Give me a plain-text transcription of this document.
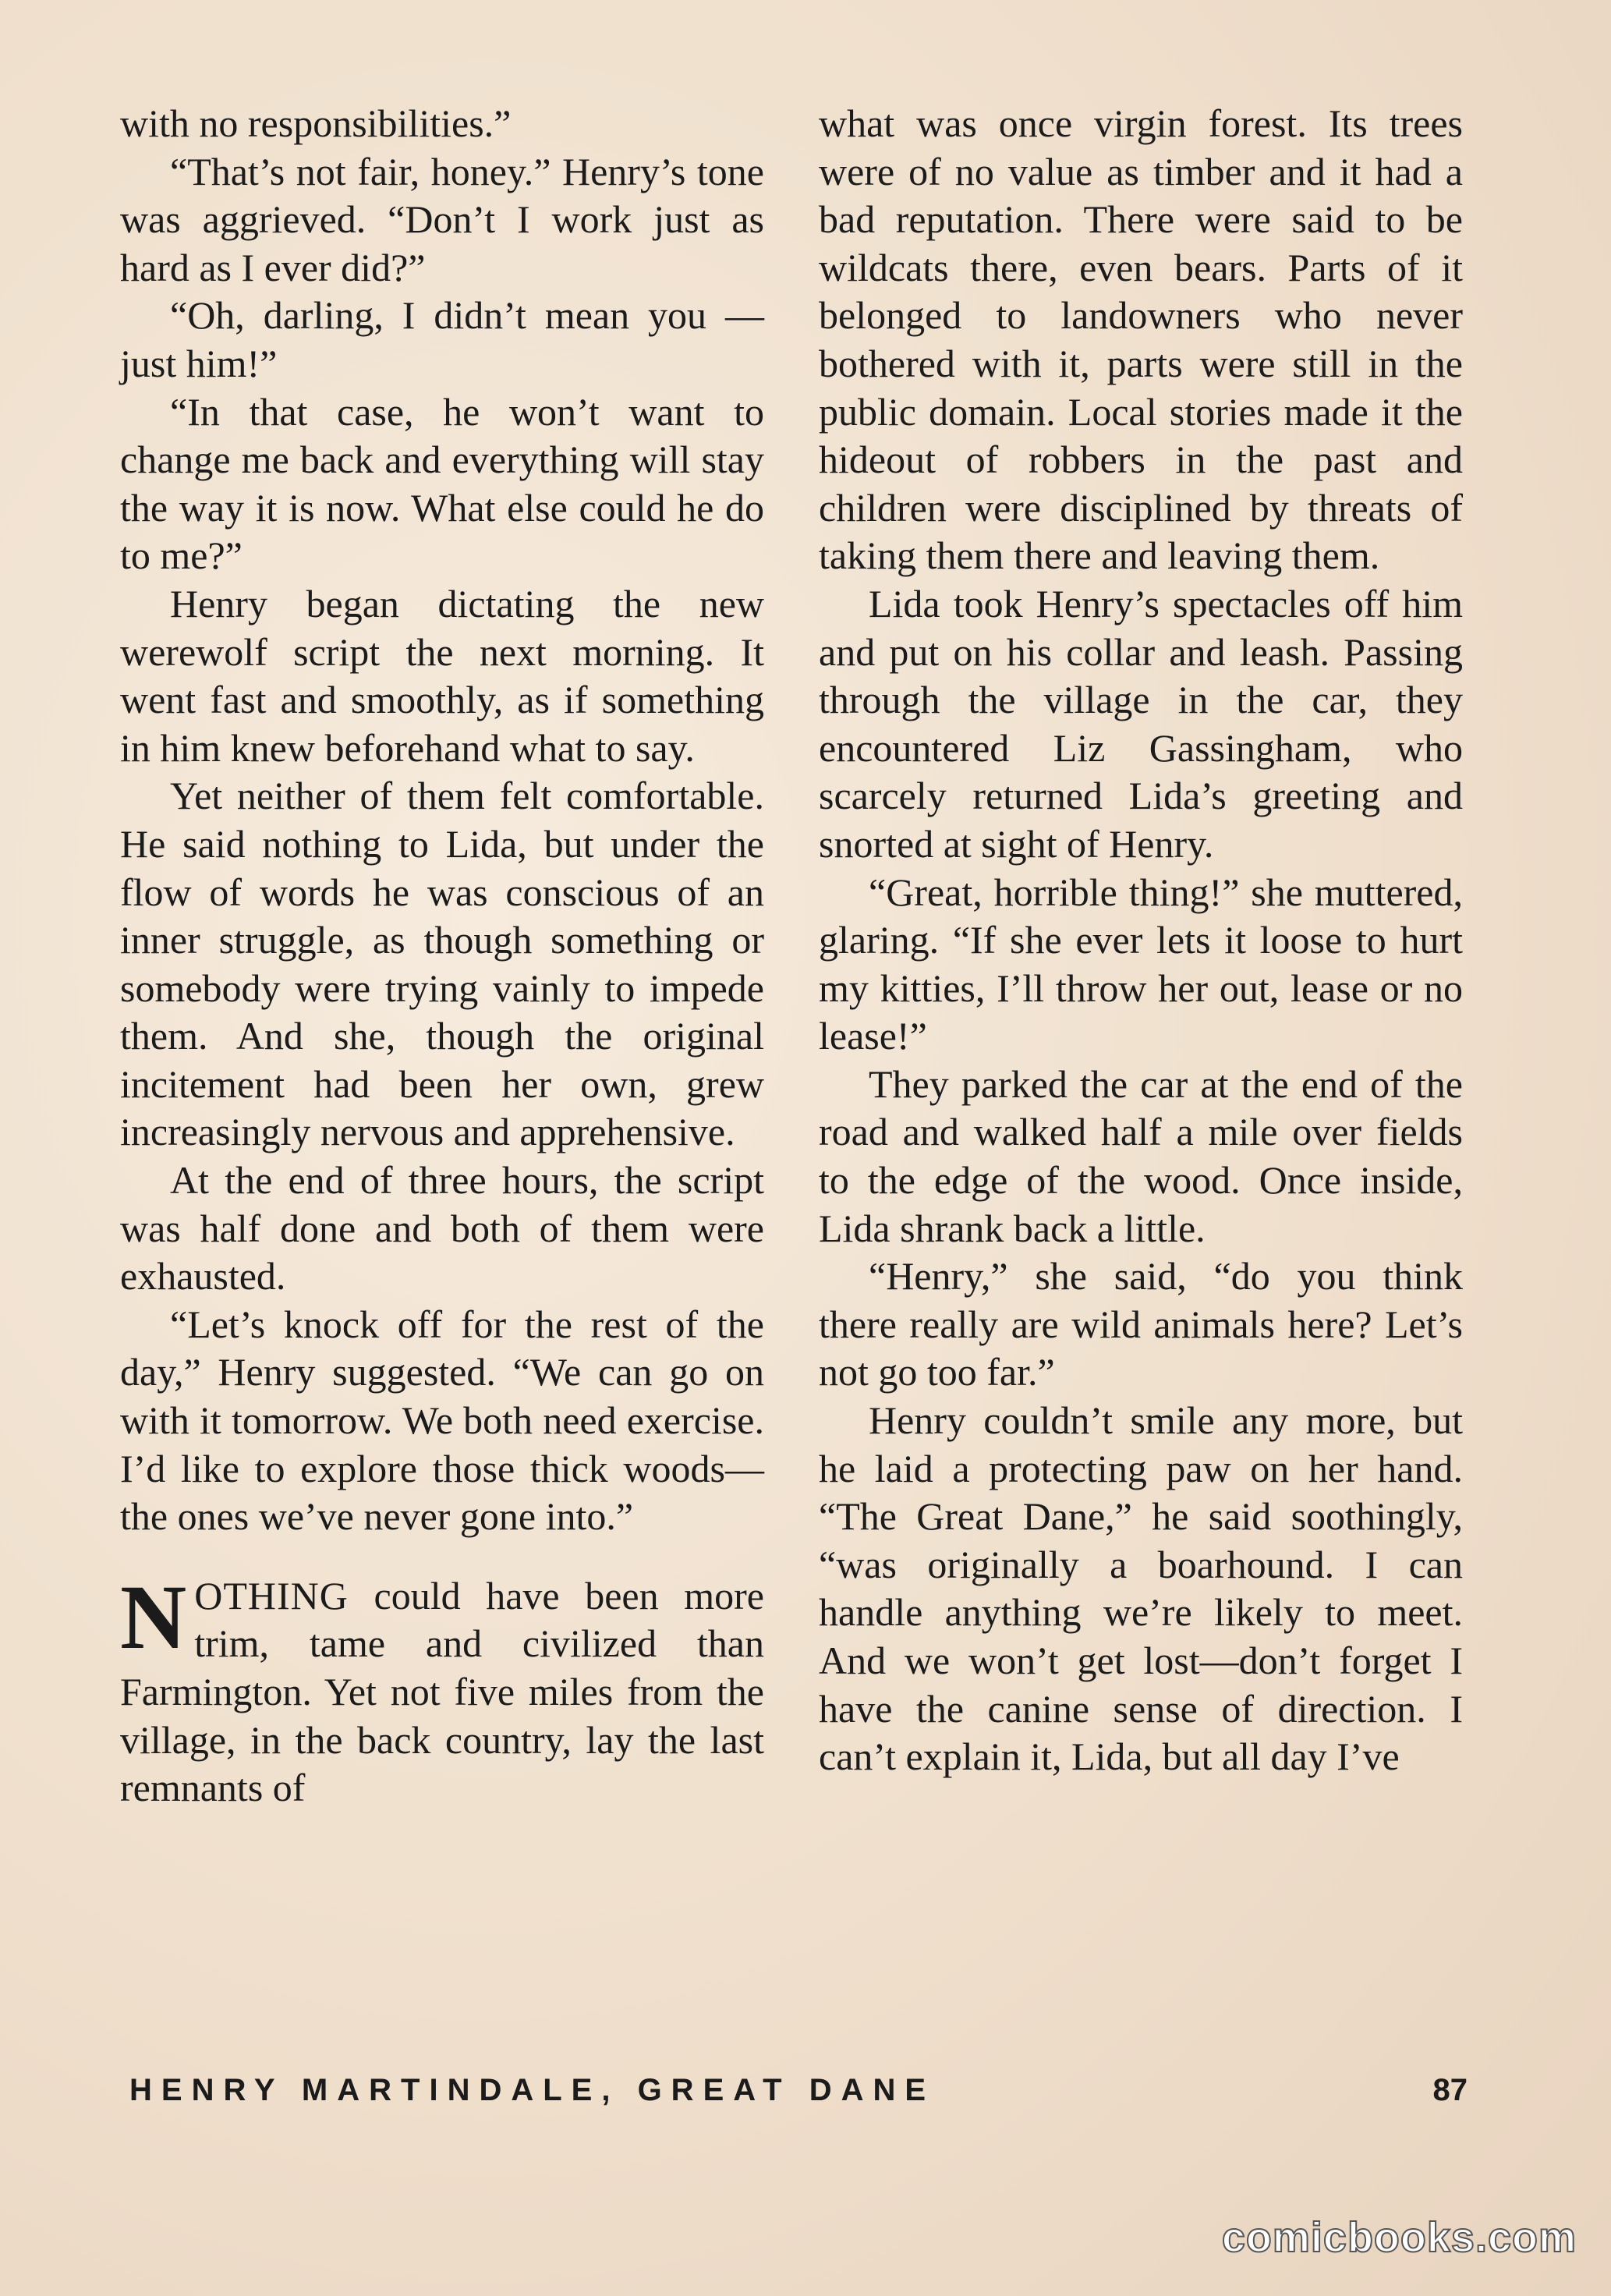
with no responsibilities.”

“That’s not fair, honey.” Henry’s tone was aggrieved. “Don’t I work just as hard as I ever did?”

“Oh, darling, I didn’t mean you —just him!”

“In that case, he won’t want to change me back and everything will stay the way it is now. What else could he do to me?”

Henry began dictating the new werewolf script the next morning. It went fast and smoothly, as if something in him knew beforehand what to say.

Yet neither of them felt comfortable. He said nothing to Lida, but under the flow of words he was conscious of an inner struggle, as though something or somebody were trying vainly to impede them. And she, though the original incitement had been her own, grew increasingly nervous and apprehensive.

At the end of three hours, the script was half done and both of them were exhausted.

“Let’s knock off for the rest of the day,” Henry suggested. “We can go on with it tomorrow. We both need exercise. I’d like to explore those thick woods—the ones we’ve never gone into.”

NOTHING could have been more trim, tame and civilized than Farmington. Yet not five miles from the village, in the back country, lay the last remnants of

what was once virgin forest. Its trees were of no value as timber and it had a bad reputation. There were said to be wildcats there, even bears. Parts of it belonged to landowners who never bothered with it, parts were still in the public domain. Local stories made it the hideout of robbers in the past and children were disciplined by threats of taking them there and leaving them.

Lida took Henry’s spectacles off him and put on his collar and leash. Passing through the village in the car, they encountered Liz Gassingham, who scarcely returned Lida’s greeting and snorted at sight of Henry.

“Great, horrible thing!” she muttered, glaring. “If she ever lets it loose to hurt my kitties, I’ll throw her out, lease or no lease!”

They parked the car at the end of the road and walked half a mile over fields to the edge of the wood. Once inside, Lida shrank back a little.

“Henry,” she said, “do you think there really are wild animals here? Let’s not go too far.”

Henry couldn’t smile any more, but he laid a protecting paw on her hand. “The Great Dane,” he said soothingly, “was originally a boarhound. I can handle anything we’re likely to meet. And we won’t get lost—don’t forget I have the canine sense of direction. I can’t explain it, Lida, but all day I’ve

HENRY MARTINDALE, GREAT DANE	87
comicbooks.com
